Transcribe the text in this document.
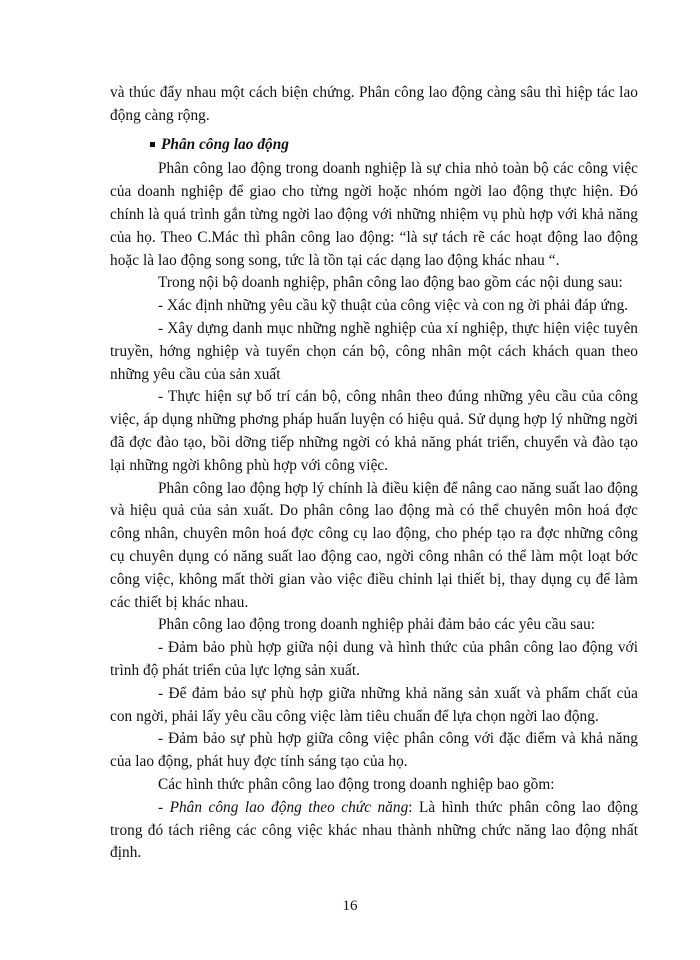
và thúc đẩy nhau một cách biện chứng. Phân công lao động càng sâu thì hiệp tác lao động càng rộng.

Phân công lao động

Phân công lao động trong doanh nghiệp là sự chia nhỏ toàn bộ các công việc của doanh nghiệp để giao cho từng ngời hoặc nhóm ngời lao động thực hiện. Đó chính là quá trình gắn từng ngời lao động với những nhiệm vụ phù hợp với khả năng của họ. Theo C.Mác thì phân công lao động: “là sự tách rẽ các hoạt động lao động hoặc là lao động song song, tức là tồn tại các dạng lao động khác nhau “.

Trong nội bộ doanh nghiệp, phân công lao động bao gồm các nội dung sau:

- Xác định những yêu cầu kỹ thuật của công việc và con ng ời phải đáp ứng.

- Xây dựng danh mục những nghề nghiệp của xí nghiệp, thực hiện việc tuyên truyền, hớng nghiệp và tuyển chọn cán bộ, công nhân một cách khách quan theo những yêu cầu của sản xuất

- Thực hiện sự bố trí cán bộ, công nhân theo đúng những yêu cầu của công việc, áp dụng những phơng pháp huấn luyện có hiệu quả. Sử dụng hợp lý những ngời đã đợc đào tạo, bồi dỡng tiếp những ngời có khả năng phát triển, chuyển và đào tạo lại những ngời không phù hợp với công việc.

Phân công lao động hợp lý chính là điều kiện để nâng cao năng suất lao động và hiệu quả của sản xuất. Do phân công lao động mà có thể chuyên môn hoá đợc công nhân, chuyên môn hoá đợc công cụ lao động, cho phép tạo ra đợc những công cụ chuyên dụng có năng suất lao động cao, ngời công nhân có thể làm một loạt bớc công việc, không mất thời gian vào việc điều chỉnh lại thiết bị, thay dụng cụ để làm các thiết bị khác nhau.

Phân công lao động trong doanh nghiệp phải đảm bảo các yêu cầu sau:

- Đảm bảo phù hợp giữa nội dung và hình thức của phân công lao động với trình độ phát triển của lực lợng sản xuất.

- Để đảm bảo sự phù hợp giữa những khả năng sản xuất và phẩm chất của con ngời, phải lấy yêu cầu công việc làm tiêu chuẩn để lựa chọn ngời lao động.

- Đảm bảo sự phù hợp giữa công việc phân công với đặc điểm và khả năng của lao động, phát huy đợc tính sáng tạo của họ.

Các hình thức phân công lao động trong doanh nghiệp bao gồm:

- Phân công lao động theo chức năng: Là hình thức phân công lao động trong đó tách riêng các công việc khác nhau thành những chức năng lao động nhất định.

16
